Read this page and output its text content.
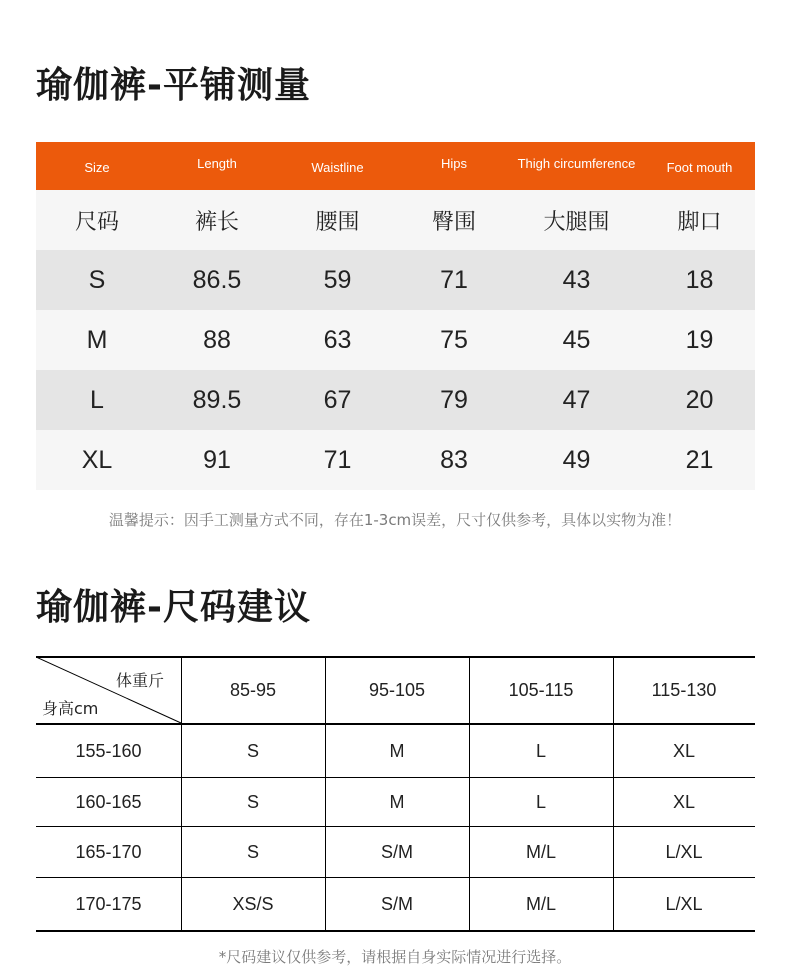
瑜伽裤-平铺测量
Size	Length	Waistline	Hips	Thigh circumference	Foot mouth
尺码	裤长	腰围	臀围	大腿围	脚口
S	86.5	59	71	43	18
M	88	63	75	45	19
L	89.5	67	79	47	20
XL	91	71	83	49	21
温馨提示：因手工测量方式不同，存在1-3cm误差，尺寸仅供参考，具体以实物为准！
瑜伽裤-尺码建议
体重斤
身高cm
85-95	95-105	105-115	115-130
155-160	S	M	L	XL
160-165	S	M	L	XL
165-170	S	S/M	M/L	L/XL
170-175	XS/S	S/M	M/L	L/XL
*尺码建议仅供参考，请根据自身实际情况进行选择。
